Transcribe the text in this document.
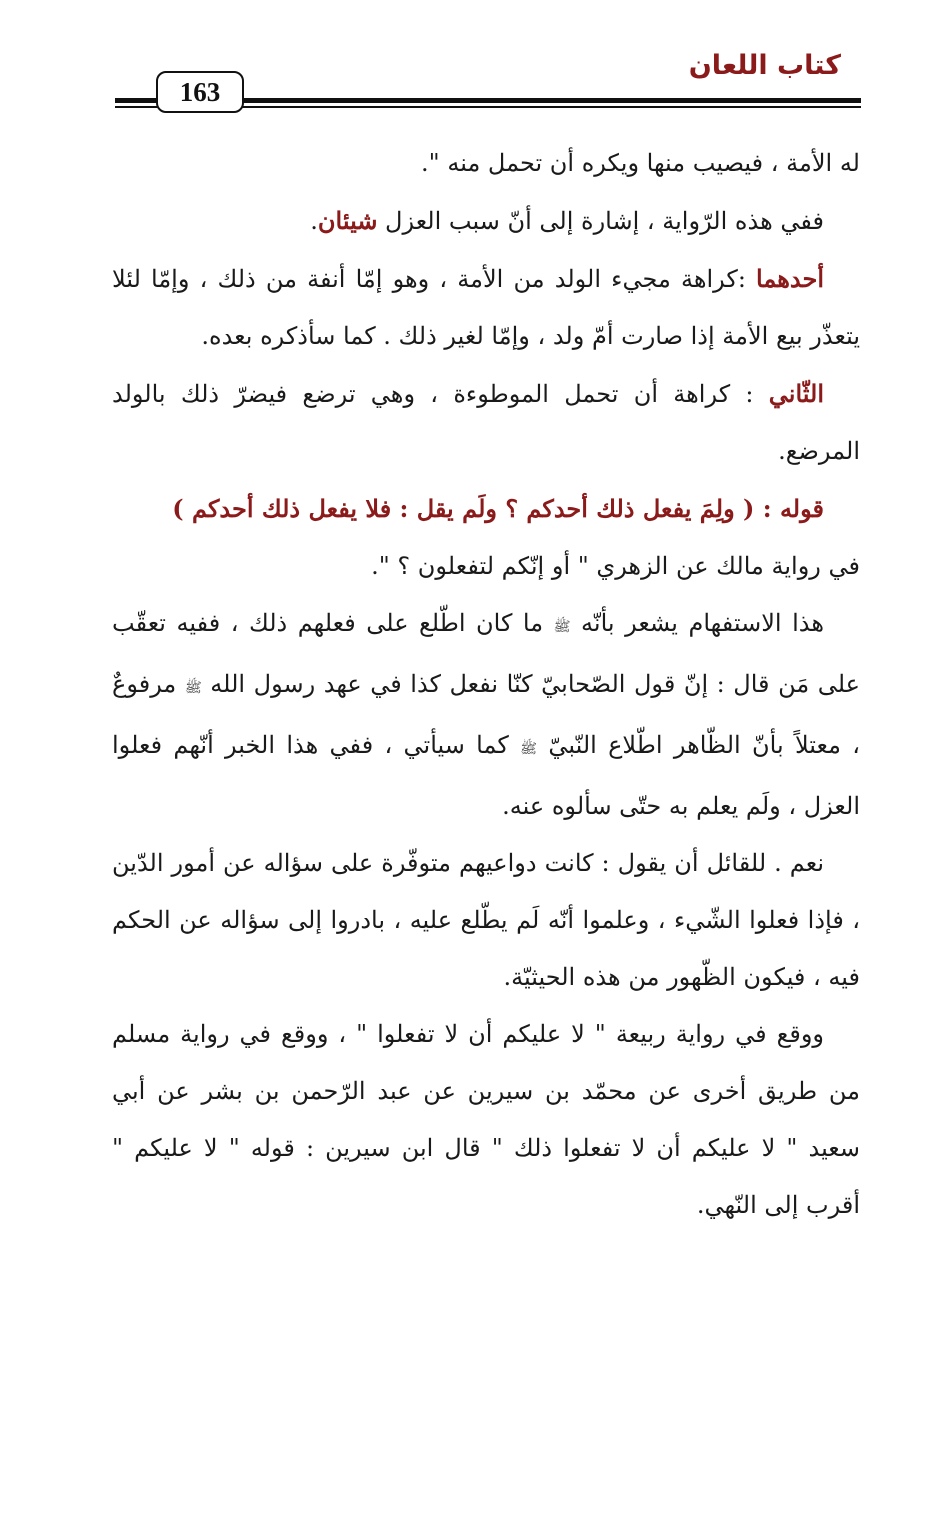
كتاب اللعان
163

له الأمة ، فيصيب منها ويكره أن تحمل منه ".

ففي هذه الرّواية ، إشارة إلى أنّ سبب العزل شيئان.

أحدهما :كراهة مجيء الولد من الأمة ، وهو إمّا أنفة من ذلك ، وإمّا لئلا يتعذّر بيع الأمة إذا صارت أمّ ولد ، وإمّا لغير ذلك . كما سأذكره بعده.

الثّاني : كراهة أن تحمل الموطوءة ، وهي ترضع فيضرّ ذلك بالولد المرضع.

قوله : ( ولِمَ يفعل ذلك أحدكم ؟ ولَم يقل : فلا يفعل ذلك أحدكم )

في رواية مالك عن الزهري " أو إنّكم لتفعلون ؟ ".

هذا الاستفهام يشعر بأنّه ﷺ ما كان اطّلع على فعلهم ذلك ، ففيه تعقّب على مَن قال : إنّ قول الصّحابيّ كنّا نفعل كذا في عهد رسول الله ﷺ مرفوعٌ ، معتلاً بأنّ الظّاهر اطّلاع النّبيّ ﷺ كما سيأتي ، ففي هذا الخبر أنّهم فعلوا العزل ، ولَم يعلم به حتّى سألوه عنه.

نعم . للقائل أن يقول : كانت دواعيهم متوفّرة على سؤاله عن أمور الدّين ، فإذا فعلوا الشّيء ، وعلموا أنّه لَم يطّلع عليه ، بادروا إلى سؤاله عن الحكم فيه ، فيكون الظّهور من هذه الحيثيّة.

ووقع في رواية ربيعة " لا عليكم أن لا تفعلوا " ، ووقع في رواية مسلم من طريق أخرى عن محمّد بن سيرين عن عبد الرّحمن بن بشر عن أبي سعيد " لا عليكم أن لا تفعلوا ذلك " قال ابن سيرين : قوله " لا عليكم " أقرب إلى النّهي.
